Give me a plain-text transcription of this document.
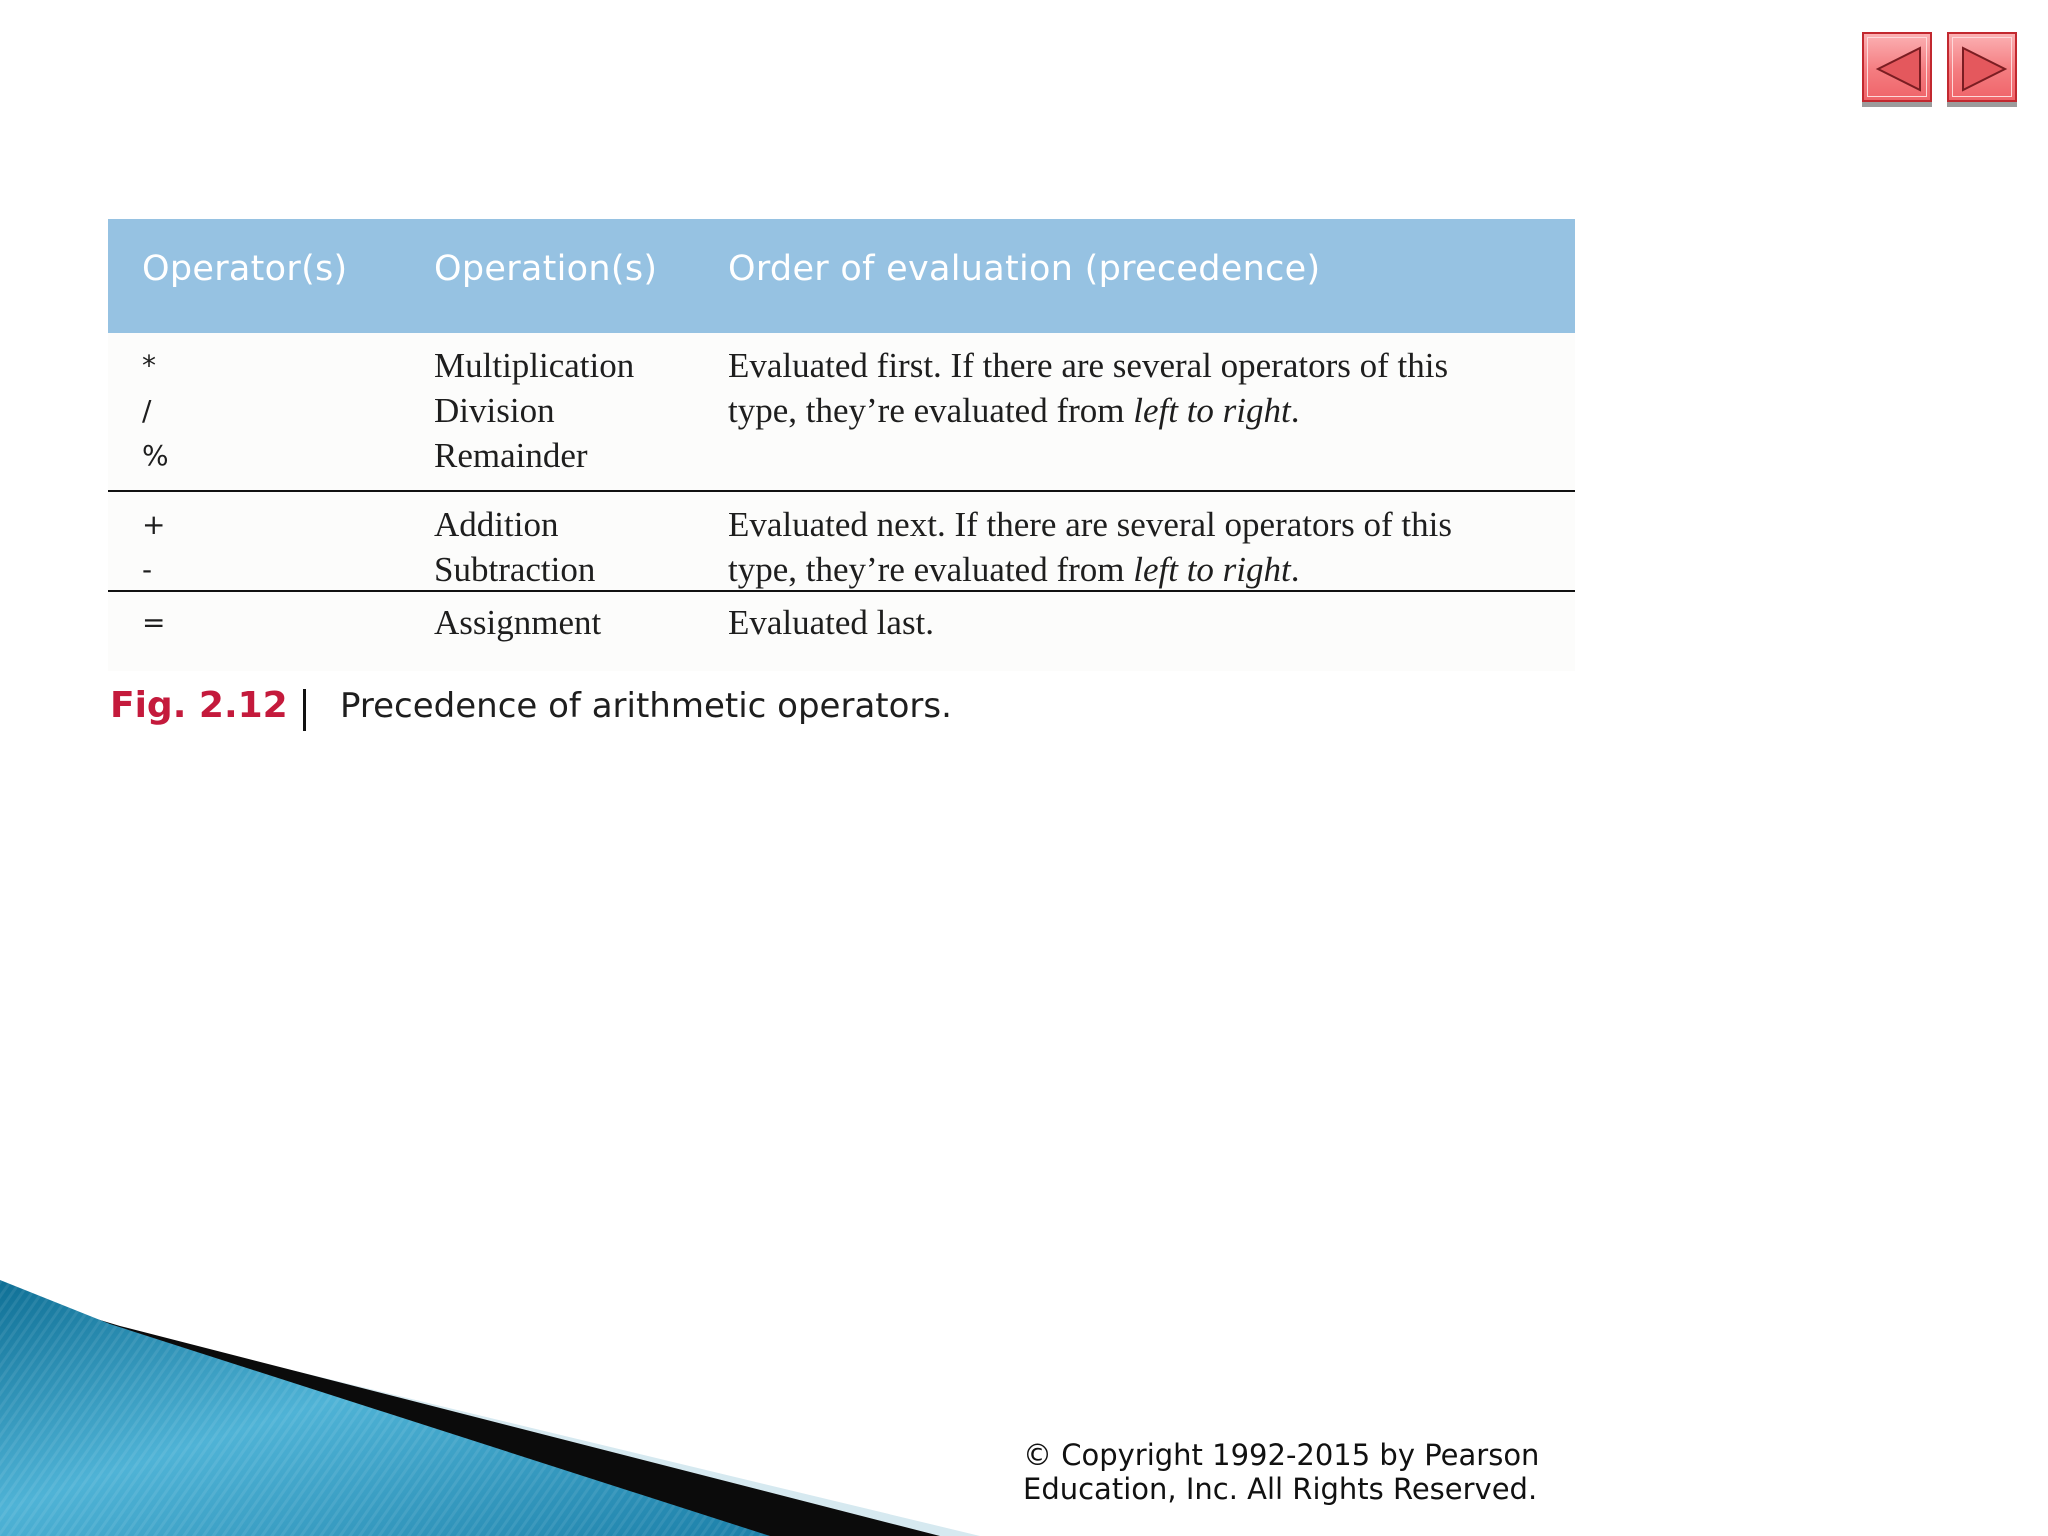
Operator(s) Operation(s) Order of evaluation (precedence)
*
/
%
Multiplication
Division
Remainder
Evaluated first. If there are several operators of this
type, they’re evaluated from left to right.
+
-
Addition
Subtraction
Evaluated next. If there are several operators of this
type, they’re evaluated from left to right.
=	Assignment	Evaluated last.
Fig. 2.12 Precedence of arithmetic operators.
© Copyright 1992-2015 by Pearson
Education, Inc. All Rights Reserved.
